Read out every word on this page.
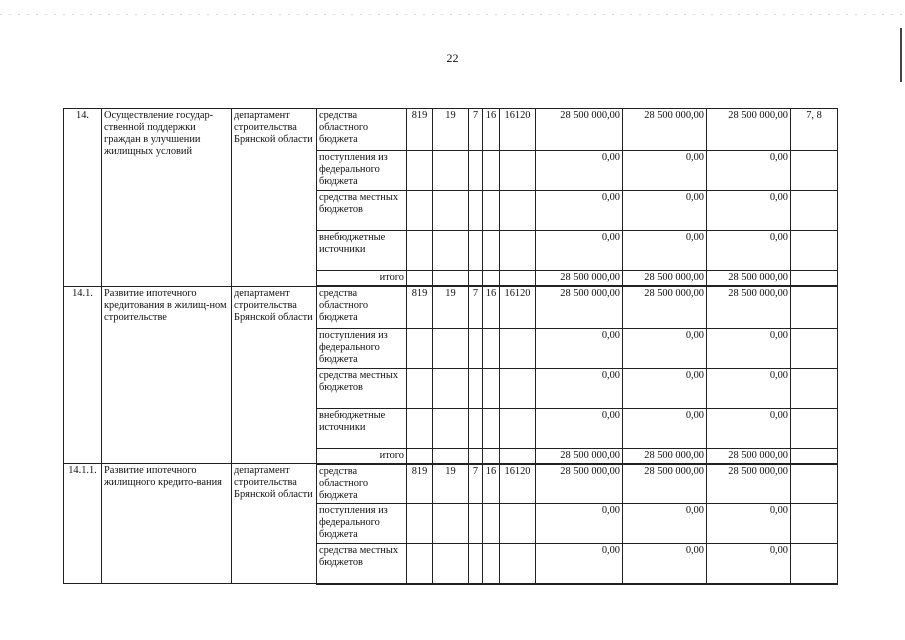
22
14.	Осуществление государ-ственной поддержки граждан в улучшении жилищных условий	департамент строительства Брянской области	средства областного бюджета	819	19	7	16	16120	28 500 000,00	28 500 000,00	28 500 000,00	7, 8
			поступления из федерального бюджета						0,00	0,00	0,00	
			средства местных бюджетов						0,00	0,00	0,00	
			внебюджетные источники						0,00	0,00	0,00	
			итого						28 500 000,00	28 500 000,00	28 500 000,00	
14.1.	Развитие ипотечного кредитования в жилищ-ном строительстве	департамент строительства Брянской области	средства областного бюджета	819	19	7	16	16120	28 500 000,00	28 500 000,00	28 500 000,00	
			поступления из федерального бюджета						0,00	0,00	0,00	
			средства местных бюджетов						0,00	0,00	0,00	
			внебюджетные источники						0,00	0,00	0,00	
			итого						28 500 000,00	28 500 000,00	28 500 000,00	
14.1.1.	Развитие ипотечного жилищного кредито-вания	департамент строительства Брянской области	средства областного бюджета	819	19	7	16	16120	28 500 000,00	28 500 000,00	28 500 000,00	
			поступления из федерального бюджета						0,00	0,00	0,00	
			средства местных бюджетов						0,00	0,00	0,00	
